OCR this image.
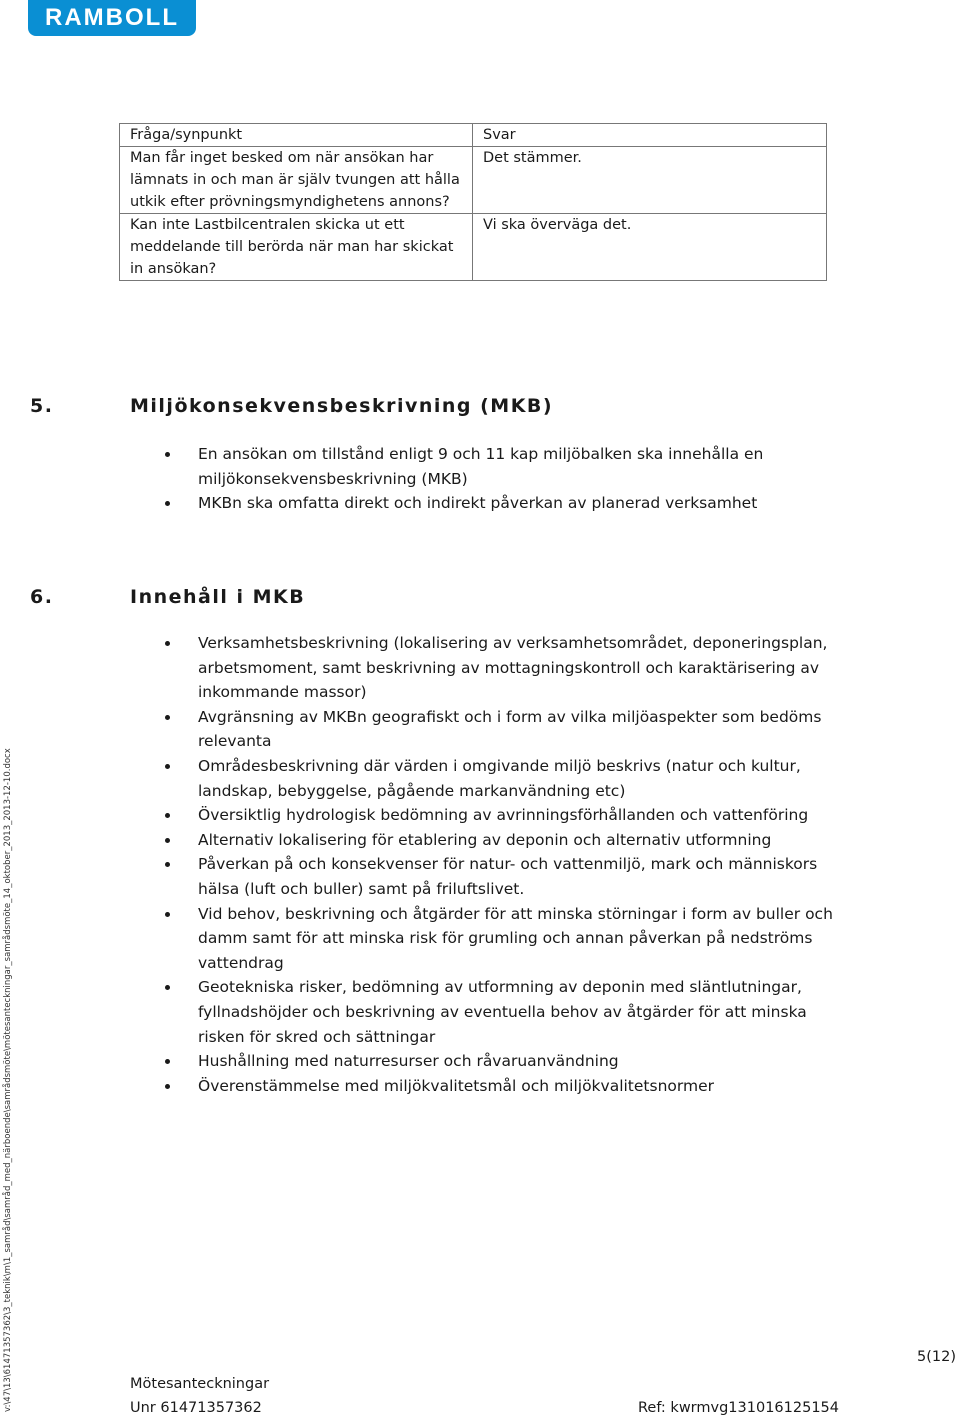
RAMBOLL
Fråga/synpunkt	Svar
Man får inget besked om när ansökan har lämnats in och man är själv tvungen att hålla utkik efter prövningsmyndighetens annons?	Det stämmer.
Kan inte Lastbilcentralen skicka ut ett meddelande till berörda när man har skickat in ansökan?	Vi ska överväga det.
5.	Miljökonsekvensbeskrivning (MKB)
En ansökan om tillstånd enligt 9 och 11 kap miljöbalken ska innehålla en miljökonsekvensbeskrivning (MKB)
MKBn ska omfatta direkt och indirekt påverkan av planerad verksamhet
6.	Innehåll i MKB
Verksamhetsbeskrivning (lokalisering av verksamhetsområdet, deponeringsplan, arbetsmoment, samt beskrivning av mottagningskontroll och karaktärisering av inkommande massor)
Avgränsning av MKBn geografiskt och i form av vilka miljöaspekter som bedöms relevanta
Områdesbeskrivning där värden i omgivande miljö beskrivs (natur och kultur, landskap, bebyggelse, pågående markanvändning etc)
Översiktlig hydrologisk bedömning av avrinningsförhållanden och vattenföring
Alternativ lokalisering för etablering av deponin och alternativ utformning
Påverkan på och konsekvenser för natur- och vattenmiljö, mark och människors hälsa (luft och buller) samt på friluftslivet.
Vid behov, beskrivning och åtgärder för att minska störningar i form av buller och damm samt för att minska risk för grumling och annan påverkan på nedströms vattendrag
Geotekniska risker, bedömning av utformning av deponin med släntlutningar, fyllnadshöjder och beskrivning av eventuella behov av åtgärder för att minska risken för skred och sättningar
Hushållning med naturresurser och råvaruanvändning
Överenstämmelse med miljökvalitetsmål och miljökvalitetsnormer
v:\47\13\61471357362\3_teknik\m\1_samråd\samråd_med_närboende\samrådsmöte\mötesanteckningar_samrådsmöte_14_oktober_2013_2013-12-10.docx	5(12)
Mötesanteckningar
Unr 61471357362	Ref: kwrmvg131016125154
